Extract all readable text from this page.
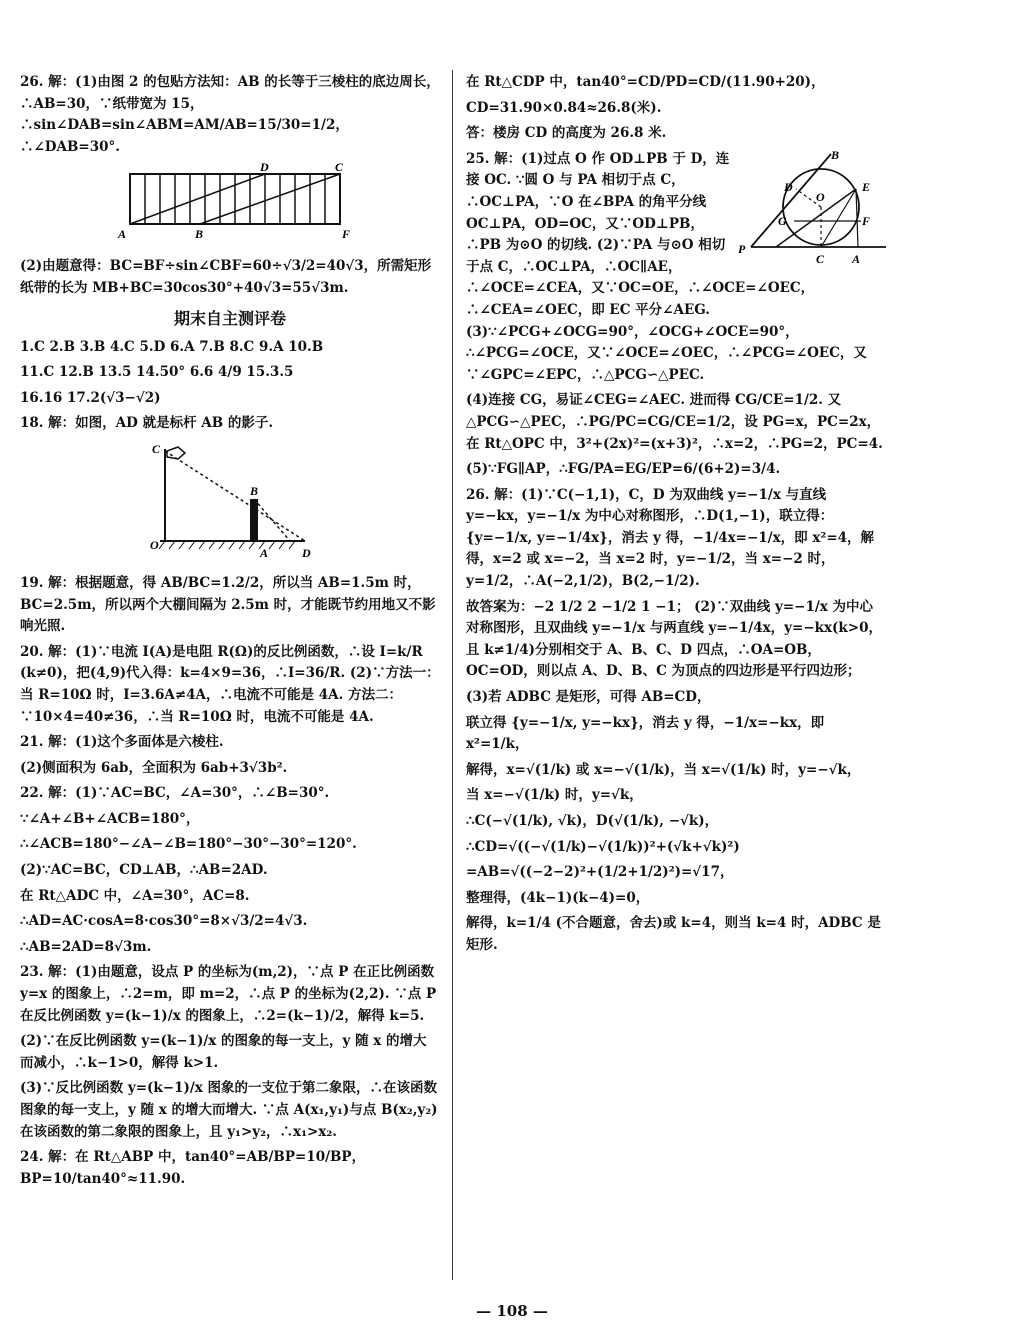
26. 解：(1)由图 2 的包贴方法知：AB 的长等于三棱柱的底边周长，∴AB=30，∵纸带宽为 15，∴sin∠DAB=sin∠ABM=AM/AB=15/30=1/2，∴∠DAB=30°.

D	C
A	B	F

(2)由题意得：BC=BF÷sin∠CBF=60÷√3/2=40√3，所需矩形纸带的长为 MB+BC=30cos30°+40√3=55√3m.

期末自主测评卷

1.C 2.B 3.B 4.C 5.D 6.A 7.B 8.C 9.A 10.B

11.C 12.B 13.5 14.50° 6.6 4/9 15.3.5

16.16 17.2(√3−√2)

18. 解：如图，AD 就是标杆 AB 的影子.

C
B
O
A	D

19. 解：根据题意，得 AB/BC=1.2/2，所以当 AB=1.5m 时，BC=2.5m，所以两个大棚间隔为 2.5m 时，才能既节约用地又不影响光照.

20. 解：(1)∵电流 I(A)是电阻 R(Ω)的反比例函数，∴设 I=k/R (k≠0)，把(4,9)代入得：k=4×9=36，∴I=36/R. (2)∵方法一：当 R=10Ω 时，I=3.6A≠4A，∴电流不可能是 4A. 方法二：∵10×4=40≠36，∴当 R=10Ω 时，电流不可能是 4A.

21. 解：(1)这个多面体是六棱柱.

(2)侧面积为 6ab，全面积为 6ab+3√3b².

22. 解：(1)∵AC=BC，∠A=30°，∴∠B=30°.

∵∠A+∠B+∠ACB=180°，

∴∠ACB=180°−∠A−∠B=180°−30°−30°=120°.

(2)∵AC=BC，CD⊥AB，∴AB=2AD.

在 Rt△ADC 中，∠A=30°，AC=8.

∴AD=AC·cosA=8·cos30°=8×√3/2=4√3.

∴AB=2AD=8√3m.

23. 解：(1)由题意，设点 P 的坐标为(m,2)，∵点 P 在正比例函数 y=x 的图象上，∴2=m，即 m=2，∴点 P 的坐标为(2,2). ∵点 P 在反比例函数 y=(k−1)/x 的图象上，∴2=(k−1)/2，解得 k=5.

(2)∵在反比例函数 y=(k−1)/x 的图象的每一支上，y 随 x 的增大而减小，∴k−1>0，解得 k>1.

(3)∵反比例函数 y=(k−1)/x 图象的一支位于第二象限，∴在该函数图象的每一支上，y 随 x 的增大而增大. ∵点 A(x₁,y₁)与点 B(x₂,y₂)在该函数的第二象限的图象上，且 y₁>y₂，∴x₁>x₂.

24. 解：在 Rt△ABP 中，tan40°=AB/BP=10/BP，BP=10/tan40°≈11.90.

在 Rt△CDP 中，tan40°=CD/PD=CD/(11.90+20)，

CD=31.90×0.84≈26.8(米).

答：楼房 CD 的高度为 26.8 米.

B
D
O
E
G	F
P
C A

25. 解：(1)过点 O 作 OD⊥PB 于 D，连接 OC. ∵圆 O 与 PA 相切于点 C，∴OC⊥PA，∵O 在∠BPA 的角平分线 OC⊥PA，OD=OC，又∵OD⊥PB，∴PB 为⊙O 的切线. (2)∵PA 与⊙O 相切于点 C，∴OC⊥PA，∴OC∥AE，∴∠OCE=∠CEA，又∵OC=OE，∴∠OCE=∠OEC，∴∠CEA=∠OEC，即 EC 平分∠AEG. (3)∵∠PCG+∠OCG=90°，∠OCG+∠OCE=90°，∴∠PCG=∠OCE，又∵∠OCE=∠OEC，∴∠PCG=∠OEC，又∵∠GPC=∠EPC，∴△PCG∽△PEC.

(4)连接 CG，易证∠CEG=∠AEC. 进而得 CG/CE=1/2. 又△PCG∽△PEC，∴PG/PC=CG/CE=1/2，设 PG=x，PC=2x，在 Rt△OPC 中，3²+(2x)²=(x+3)²，∴x=2，∴PG=2，PC=4.

(5)∵FG∥AP，∴FG/PA=EG/EP=6/(6+2)=3/4.

26. 解：(1)∵C(−1,1)，C，D 为双曲线 y=−1/x 与直线 y=−kx，y=−1/x 为中心对称图形，∴D(1,−1)，联立得：{y=−1/x, y=−1/4x}，消去 y 得，−1/4x=−1/x，即 x²=4，解得，x=2 或 x=−2，当 x=2 时，y=−1/2，当 x=−2 时，y=1/2，∴A(−2,1/2)，B(2,−1/2).

故答案为：−2 1/2 2 −1/2 1 −1； (2)∵双曲线 y=−1/x 为中心对称图形，且双曲线 y=−1/x 与两直线 y=−1/4x，y=−kx(k>0，且 k≠1/4)分别相交于 A、B、C、D 四点，∴OA=OB，OC=OD，则以点 A、D、B、C 为顶点的四边形是平行四边形；

(3)若 ADBC 是矩形，可得 AB=CD，

联立得 {y=−1/x, y=−kx}，消去 y 得，−1/x=−kx，即 x²=1/k，

解得，x=√(1/k) 或 x=−√(1/k)，当 x=√(1/k) 时，y=−√k，

当 x=−√(1/k) 时，y=√k，

∴C(−√(1/k), √k)，D(√(1/k), −√k)，

∴CD=√((−√(1/k)−√(1/k))²+(√k+√k)²)

=AB=√((−2−2)²+(1/2+1/2)²)=√17，

整理得，(4k−1)(k−4)=0，

解得，k=1/4 (不合题意，舍去)或 k=4，则当 k=4 时，ADBC 是矩形.

— 108 —
